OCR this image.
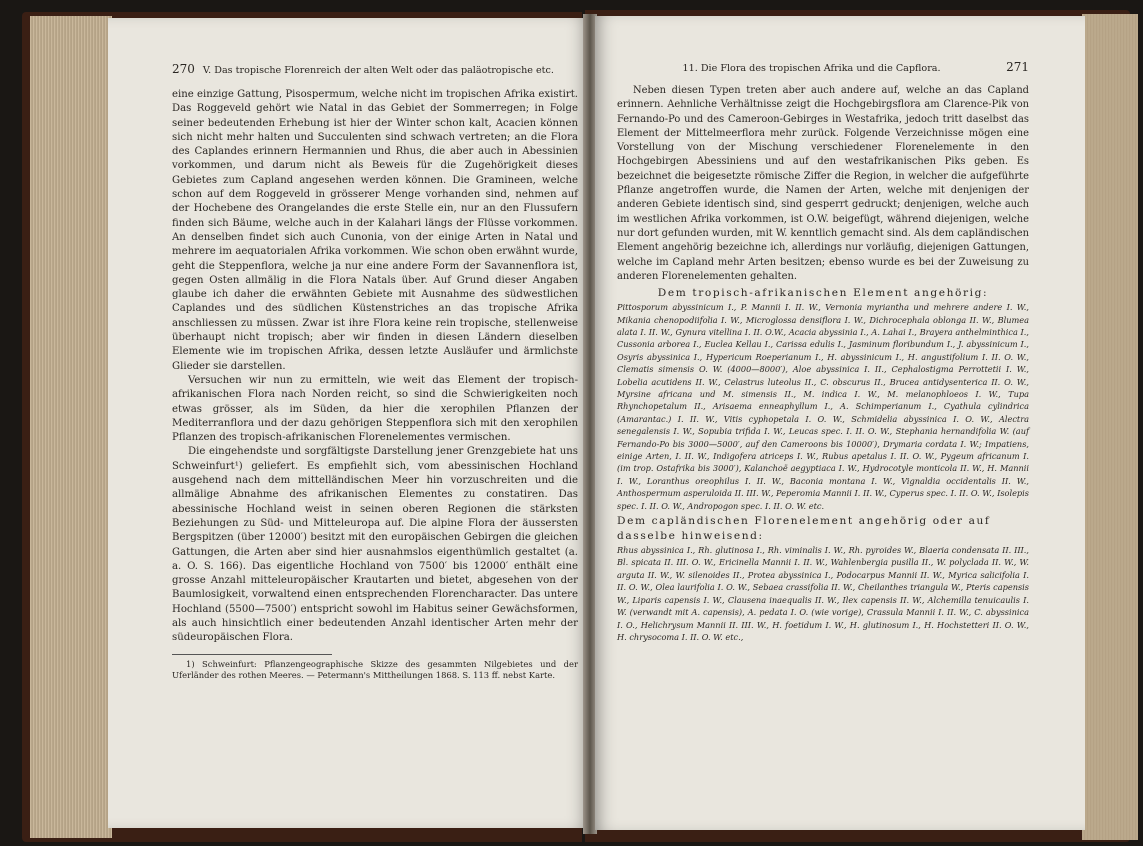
270 V. Das tropische Florenreich der alten Welt oder das paläotropische etc.

eine einzige Gattung, Pisospermum, welche nicht im tropischen Afrika existirt. Das Roggeveld gehört wie Natal in das Gebiet der Sommerregen; in Folge seiner bedeutenden Erhebung ist hier der Winter schon kalt, Acacien können sich nicht mehr halten und Succulenten sind schwach vertreten; an die Flora des Caplandes erinnern Hermannien und Rhus, die aber auch in Abessinien vorkommen, und darum nicht als Beweis für die Zugehörigkeit dieses Gebietes zum Capland angesehen werden können. Die Gramineen, welche schon auf dem Roggeveld in grösserer Menge vorhanden sind, nehmen auf der Hochebene des Orangelandes die erste Stelle ein, nur an den Flussufern finden sich Bäume, welche auch in der Kalahari längs der Flüsse vorkommen. An denselben findet sich auch Cunonia, von der einige Arten in Natal und mehrere im aequatorialen Afrika vorkommen. Wie schon oben erwähnt wurde, geht die Steppenflora, welche ja nur eine andere Form der Savannenflora ist, gegen Osten allmälig in die Flora Natals über. Auf Grund dieser Angaben glaube ich daher die erwähnten Gebiete mit Ausnahme des südwestlichen Caplandes und des südlichen Küstenstriches an das tropische Afrika anschliessen zu müssen. Zwar ist ihre Flora keine rein tropische, stellenweise überhaupt nicht tropisch; aber wir finden in diesen Ländern dieselben Elemente wie im tropischen Afrika, dessen letzte Ausläufer und ärmlichste Glieder sie darstellen.

Versuchen wir nun zu ermitteln, wie weit das Element der tropisch-afrikanischen Flora nach Norden reicht, so sind die Schwierigkeiten noch etwas grösser, als im Süden, da hier die xerophilen Pflanzen der Mediterranflora und der dazu gehörigen Steppenflora sich mit den xerophilen Pflanzen des tropisch-afrikanischen Florenelementes vermischen.

Die eingehendste und sorgfältigste Darstellung jener Grenzgebiete hat uns Schweinfurt¹) geliefert. Es empfiehlt sich, vom abessinischen Hochland ausgehend nach dem mittelländischen Meer hin vorzuschreiten und die allmälige Abnahme des afrikanischen Elementes zu constatiren. Das abessinische Hochland weist in seinen oberen Regionen die stärksten Beziehungen zu Süd- und Mitteleuropa auf. Die alpine Flora der äussersten Bergspitzen (über 12000′) besitzt mit den europäischen Gebirgen die gleichen Gattungen, die Arten aber sind hier ausnahmslos eigenthümlich gestaltet (a. a. O. S. 166). Das eigentliche Hochland von 7500′ bis 12000′ enthält eine grosse Anzahl mitteleuropäischer Krautarten und bietet, abgesehen von der Baumlosigkeit, vorwaltend einen entsprechenden Florencharacter. Das untere Hochland (5500—7500′) entspricht sowohl im Habitus seiner Gewächsformen, als auch hinsichtlich einer bedeutenden Anzahl identischer Arten mehr der südeuropäischen Flora.

1) Schweinfurt: Pflanzengeographische Skizze des gesammten Nilgebietes und der Uferländer des rothen Meeres. — Petermann's Mittheilungen 1868. S. 113 ff. nebst Karte.

11. Die Flora des tropischen Afrika und die Capflora.	271

Neben diesen Typen treten aber auch andere auf, welche an das Capland erinnern. Aehnliche Verhältnisse zeigt die Hochgebirgsflora am Clarence-Pik von Fernando-Po und des Cameroon-Gebirges in Westafrika, jedoch tritt daselbst das Element der Mittelmeerflora mehr zurück. Folgende Verzeichnisse mögen eine Vorstellung von der Mischung verschiedener Florenelemente in den Hochgebirgen Abessiniens und auf den westafrikanischen Piks geben. Es bezeichnet die beigesetzte römische Ziffer die Region, in welcher die aufgeführte Pflanze angetroffen wurde, die Namen der Arten, welche mit denjenigen der anderen Gebiete identisch sind, sind gesperrt gedruckt; denjenigen, welche auch im westlichen Afrika vorkommen, ist O.W. beigefügt, während diejenigen, welche nur dort gefunden wurden, mit W. kenntlich gemacht sind. Als dem capländischen Element angehörig bezeichne ich, allerdings nur vorläufig, diejenigen Gattungen, welche im Capland mehr Arten besitzen; ebenso wurde es bei der Zuweisung zu anderen Florenelementen gehalten.

Dem tropisch-afrikanischen Element angehörig:

Pittosporum abyssinicum I., P. Mannii I. II. W., Vernonia myriantha und mehrere andere I. W., Mikania chenopodiifolia I. W., Microglossa densiflora I. W., Dichrocephala oblonga II. W., Blumea alata I. II. W., Gynura vitellina I. II. O.W., Acacia abyssinia I., A. Lahai I., Brayera anthelminthica I., Cussonia arborea I., Euclea Kellau I., Carissa edulis I., Jasminum floribundum I., J. abyssinicum I., Osyris abyssinica I., Hypericum Roeperianum I., H. abyssinicum I., H. angustifolium I. II. O. W., Clematis simensis O. W. (4000—8000′), Aloe abyssinica I. II., Cephalostigma Perrottetii I. W., Lobelia acutidens II. W., Celastrus luteolus II., C. obscurus II., Brucea antidysenterica II. O. W., Myrsine africana und M. simensis II., M. indica I. W., M. melanophloeos I. W., Tupa Rhynchopetalum II., Arisaema enneaphyllum I., A. Schimperianum I., Cyathula cylindrica (Amarantac.) I. II. W., Vitis cyphopetala I. O. W., Schmidelia abyssinica I. O. W., Alectra senegalensis I. W., Sopubia trifida I. W., Leucas spec. I. II. O. W., Stephania hernandifolia W. (auf Fernando-Po bis 3000—5000′, auf den Cameroons bis 10000′), Drymaria cordata I. W.; Impatiens, einige Arten, I. II. W., Indigofera atriceps I. W., Rubus apetalus I. II. O. W., Pygeum africanum I. (im trop. Ostafrika bis 3000′), Kalanchoë aegyptiaca I. W., Hydrocotyle monticola II. W., H. Mannii I. W., Loranthus oreophilus I. II. W., Baconia montana I. W., Vignaldia occidentalis II. W., Anthospermum asperuloida II. III. W., Peperomia Mannii I. II. W., Cyperus spec. I. II. O. W., Isolepis spec. I. II. O. W., Andropogon spec. I. II. O. W. etc.

Dem capländischen Florenelement angehörig oder auf dasselbe hinweisend:

Rhus abyssinica I., Rh. glutinosa I., Rh. viminalis I. W., Rh. pyroides W., Blaeria condensata II. III., Bl. spicata II. III. O. W., Ericinella Mannii I. II. W., Wahlenbergia pusilla II., W. polyclada II. W., W. arguta II. W., W. silenoides II., Protea abyssinica I., Podocarpus Mannii II. W., Myrica salicifolia I. II. O. W., Olea laurifolia I. O. W., Sebaea crassifolia II. W., Cheilanthes triangula W., Pteris capensis W., Liparis capensis I. W., Clausena inaequalis II. W., Ilex capensis II. W., Alchemilla tenuicaulis I. W. (verwandt mit A. capensis), A. pedata I. O. (wie vorige), Crassula Mannii I. II. W., C. abyssinica I. O., Helichrysum Mannii II. III. W., H. foetidum I. W., H. glutinosum I., H. Hochstetteri II. O. W., H. chrysocoma I. II. O. W. etc.,
